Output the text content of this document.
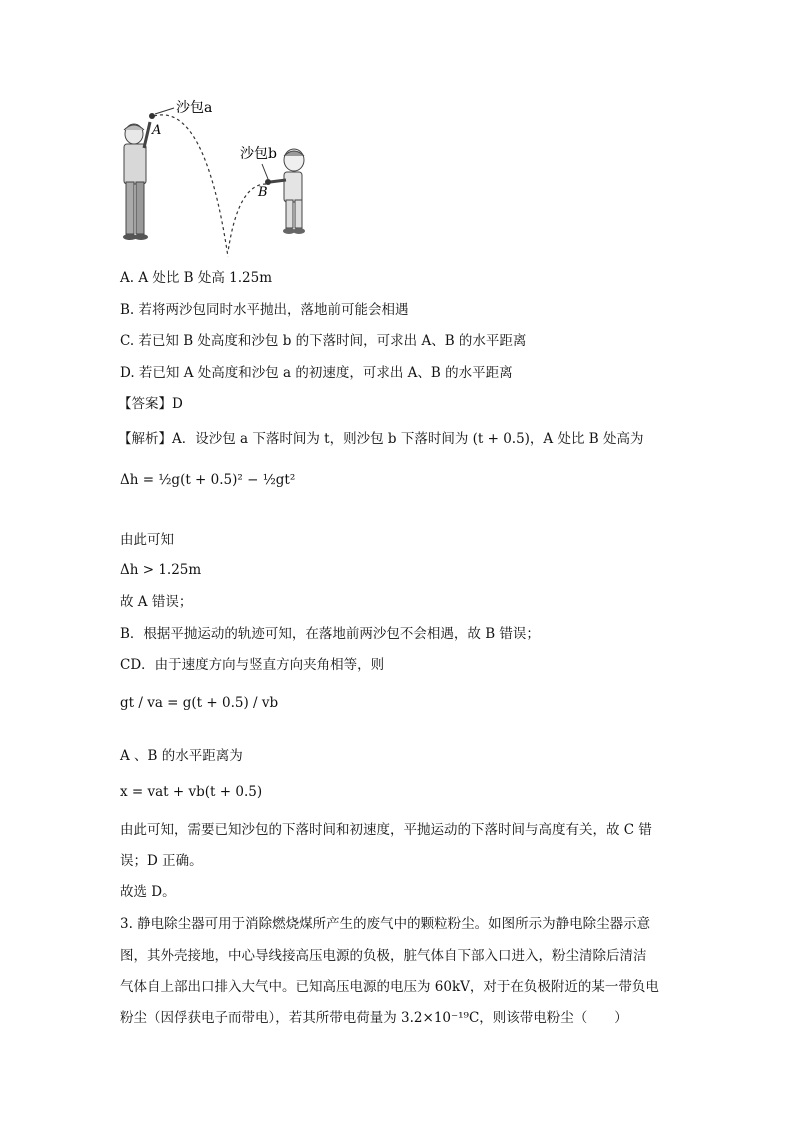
沙包a
A
沙包b
B
A. A 处比 B 处高 1.25m
B. 若将两沙包同时水平抛出，落地前可能会相遇
C. 若已知 B 处高度和沙包 b 的下落时间，可求出 A、B 的水平距离
D. 若已知 A 处高度和沙包 a 的初速度，可求出 A、B 的水平距离
【答案】D
【解析】A．设沙包 a 下落时间为 t，则沙包 b 下落时间为 (t + 0.5)，A 处比 B 处高为
Δh = ½g(t + 0.5)² − ½gt²
由此可知
Δh > 1.25m
故 A 错误；
B．根据平抛运动的轨迹可知，在落地前两沙包不会相遇，故 B 错误；
CD．由于速度方向与竖直方向夹角相等，则
gt / va = g(t + 0.5) / vb
A 、B 的水平距离为
x = vat + vb(t + 0.5)
由此可知，需要已知沙包的下落时间和初速度，平抛运动的下落时间与高度有关，故 C 错
误；D 正确。
故选 D。
3. 静电除尘器可用于消除燃烧煤所产生的废气中的颗粒粉尘。如图所示为静电除尘器示意
图，其外壳接地，中心导线接高压电源的负极，脏气体自下部入口进入，粉尘清除后清洁
气体自上部出口排入大气中。已知高压电源的电压为 60kV，对于在负极附近的某一带负电
粉尘（因俘获电子而带电），若其所带电荷量为 3.2×10⁻¹⁹C，则该带电粉尘（　　）
